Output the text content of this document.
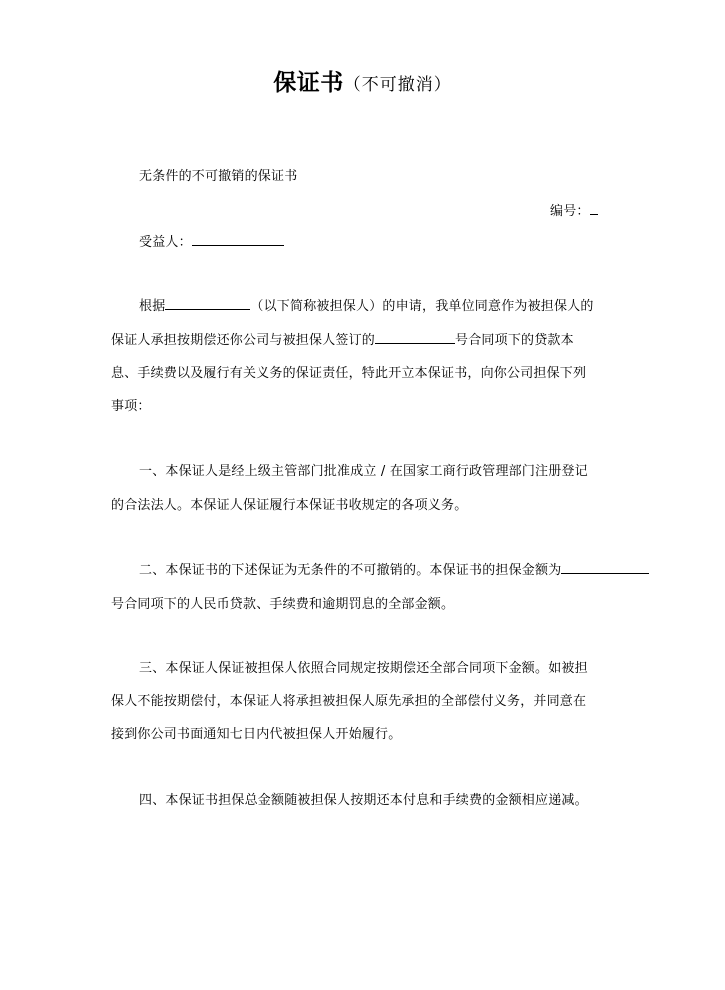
保证书（不可撤消）
无条件的不可撤销的保证书
编号：
受益人：
根据	（以下简称被担保人）的申请，我单位同意作为被担保人的
保证人承担按期偿还你公司与被担保人签订的	号合同项下的贷款本
息、手续费以及履行有关义务的保证责任，特此开立本保证书，向你公司担保下列
事项：
一、本保证人是经上级主管部门批准成立 / 在国家工商行政管理部门注册登记
的合法法人。本保证人保证履行本保证书收规定的各项义务。
二、本保证书的下述保证为无条件的不可撤销的。本保证书的担保金额为
号合同项下的人民币贷款、手续费和逾期罚息的全部金额。
三、本保证人保证被担保人依照合同规定按期偿还全部合同项下金额。如被担
保人不能按期偿付，本保证人将承担被担保人原先承担的全部偿付义务，并同意在
接到你公司书面通知七日内代被担保人开始履行。
四、本保证书担保总金额随被担保人按期还本付息和手续费的金额相应递减。
